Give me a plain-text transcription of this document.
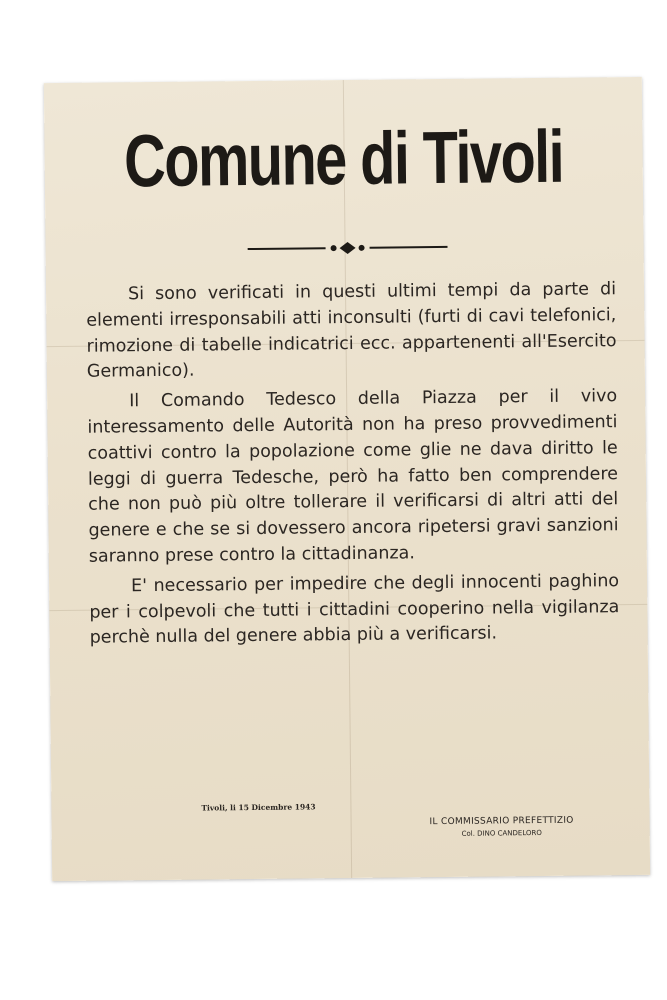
Comune di Tivoli

Si sono verificati in questi ultimi tempi da parte di elementi irresponsabili atti inconsulti (furti di cavi telefonici, rimozione di tabelle indicatrici ecc. appartenenti all'Esercito Germanico).

Il Comando Tedesco della Piazza per il vivo interessamento delle Autorità non ha preso provvedimenti coattivi contro la popolazione come glie ne dava diritto le leggi di guerra Tedesche, però ha fatto ben comprendere che non può più oltre tollerare il verificarsi di altri atti del genere e che se si dovessero ancora ripetersi gravi sanzioni saranno prese contro la cittadinanza.

E' necessario per impedire che degli innocenti paghino per i colpevoli che tutti i cittadini cooperino nella vigilanza perchè nulla del genere abbia più a verificarsi.

Tivoli, li 15 Dicembre 1943
IL COMMISSARIO PREFETTIZIO
Col. DINO CANDELORO
